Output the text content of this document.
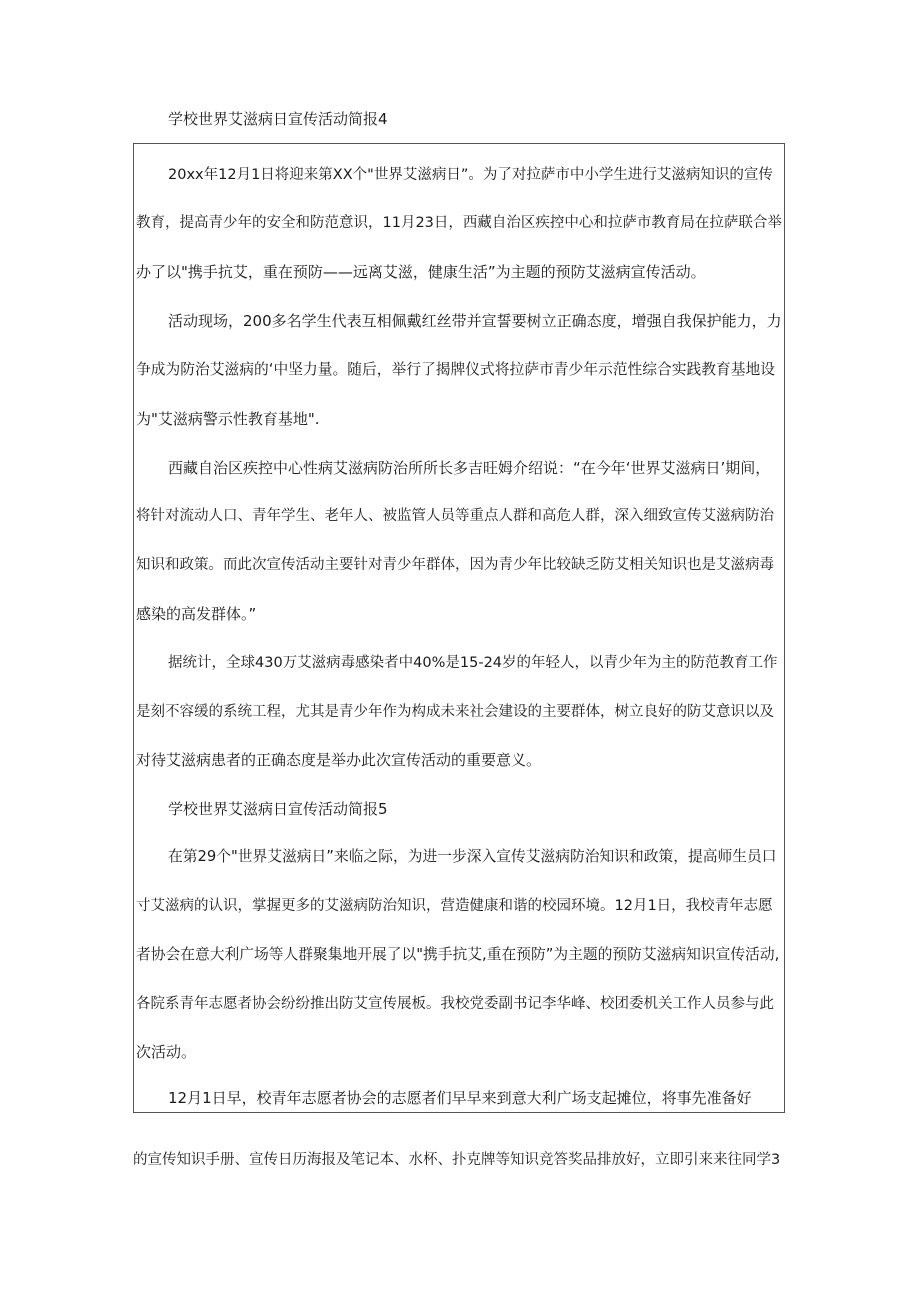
学校世界艾滋病日宣传活动简报4
20xx年12月1日将迎来第XX个"世界艾滋病日”。为了对拉萨市中小学生进行艾滋病知识的宣传
教育，提高青少年的安全和防范意识，11月23日，西藏自治区疾控中心和拉萨市教育局在拉萨联合举
办了以"携手抗艾，重在预防——远离艾滋，健康生活”为主题的预防艾滋病宣传活动。
活动现场，200多名学生代表互相佩戴红丝带并宣誓要树立正确态度，增强自我保护能力，力
争成为防治艾滋病的‘中坚力量。随后，举行了揭牌仪式将拉萨市青少年示范性综合实践教育基地设
为"艾滋病警示性教育基地".
西藏自治区疾控中心性病艾滋病防治所所长多吉旺姆介绍说：“在今年‘世界艾滋病日’期间，
将针对流动人口、青年学生、老年人、被监管人员等重点人群和高危人群，深入细致宣传艾滋病防治
知识和政策。而此次宣传活动主要针对青少年群体，因为青少年比较缺乏防艾相关知识也是艾滋病毒
感染的高发群体。”
据统计，全球430万艾滋病毒感染者中40%是15-24岁的年轻人，以青少年为主的防范教育工作
是刻不容缓的系统工程，尤其是青少年作为构成未来社会建设的主要群体，树立良好的防艾意识以及
对待艾滋病患者的正确态度是举办此次宣传活动的重要意义。
学校世界艾滋病日宣传活动简报5
在第29个"世界艾滋病日”来临之际，为进一步深入宣传艾滋病防治知识和政策，提高师生员口
寸艾滋病的认识，掌握更多的艾滋病防治知识，营造健康和谐的校园环境。12月1日，我校青年志愿
者协会在意大利广场等人群聚集地开展了以"携手抗艾,重在预防”为主题的预防艾滋病知识宣传活动,
各院系青年志愿者协会纷纷推出防艾宣传展板。我校党委副书记李华峰、校团委机关工作人员参与此
次活动。
12月1日早，校青年志愿者协会的志愿者们早早来到意大利广场支起摊位，将事先准备好
的宣传知识手册、宣传日历海报及笔记本、水杯、扑克牌等知识竞答奖品排放好，立即引来来往同学3
